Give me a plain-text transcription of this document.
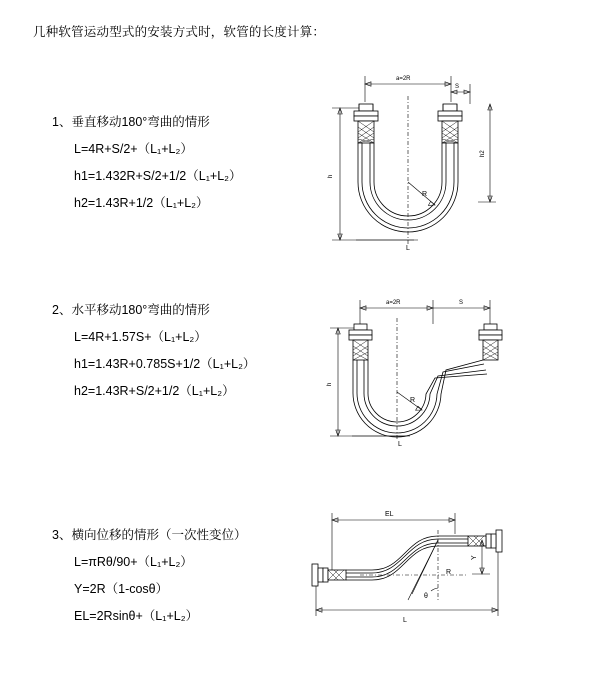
几种软管运动型式的安装方式时，软管的长度计算：
1、垂直移动180°弯曲的情形
L=4R+S/2+（L₁+L₂）
h1=1.432R+S/2+1/2（L₁+L₂）
h2=1.43R+1/2（L₁+L₂）
a=2R
S
h
h2
R
L
2、水平移动180°弯曲的情形
L=4R+1.57S+（L₁+L₂）
h1=1.43R+0.785S+1/2（L₁+L₂）
h2=1.43R+S/2+1/2（L₁+L₂）
a=2R	S
h
R
L
3、横向位移的情形（一次性变位）
L=πRθ/90+（L₁+L₂）
Y=2R（1-cosθ）
EL=2Rsinθ+（L₁+L₂）
EL
Y
θ
R
L
